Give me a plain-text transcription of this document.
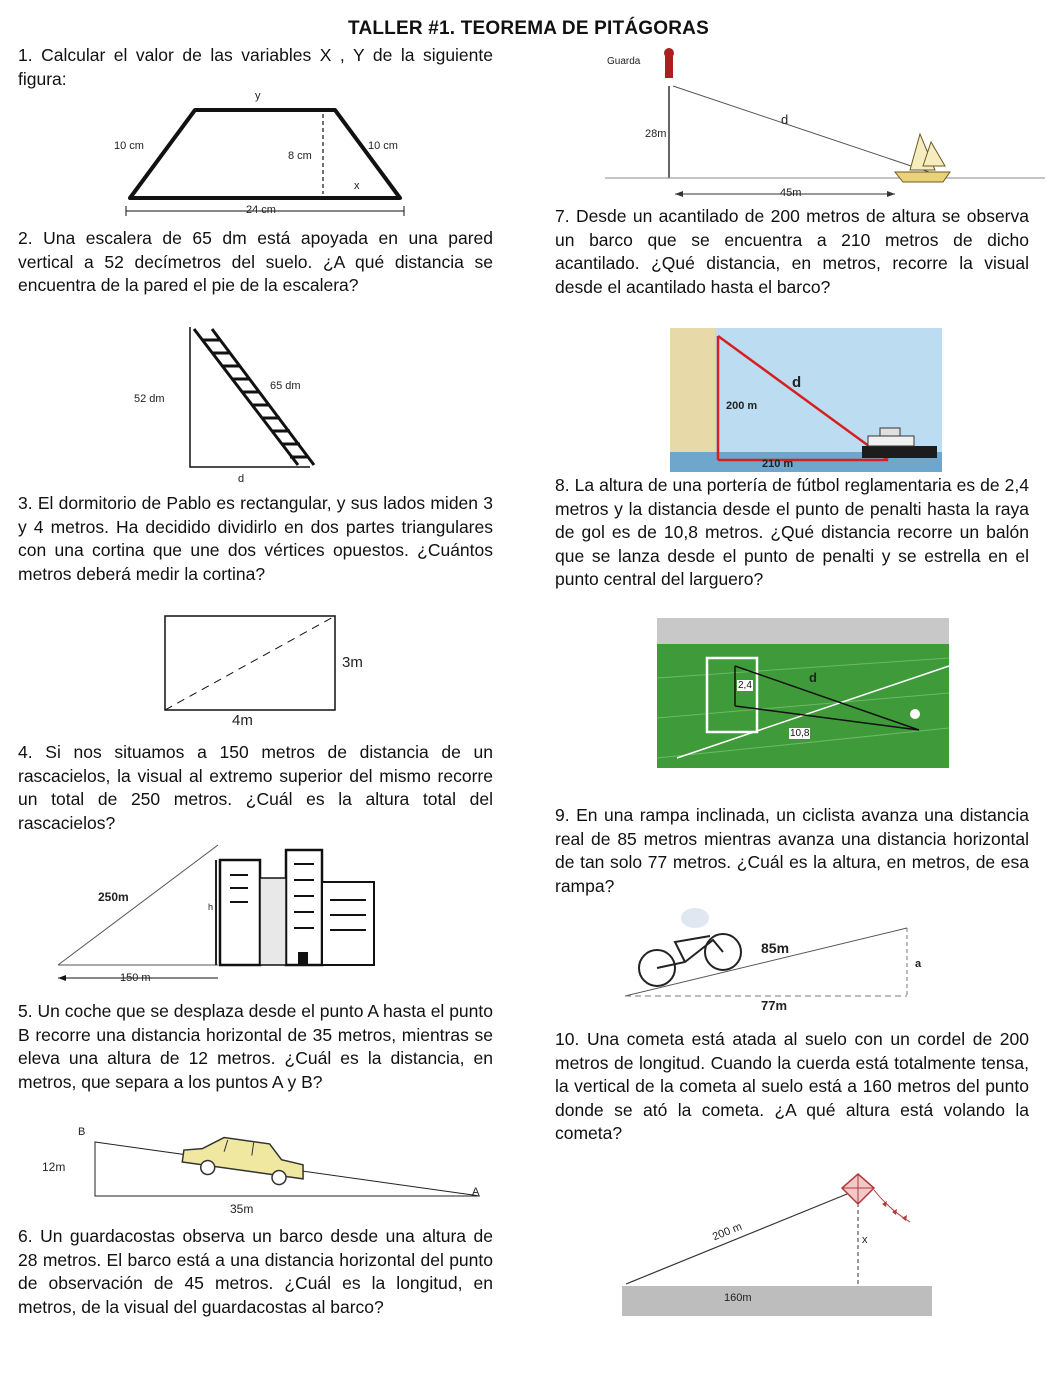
TALLER #1. TEOREMA DE PITÁGORAS

1. Calcular el valor de las variables X , Y de la siguiente figura:

y
10 cm	10 cm
8 cm
x
24 cm

2. Una escalera de 65 dm está apoyada en una pared vertical a 52 decímetros del suelo. ¿A qué distancia se encuentra de la pared el pie de la escalera?

52 dm
65 dm
d

3. El dormitorio de Pablo es rectangular, y sus lados miden 3 y 4 metros. Ha decidido dividirlo en dos partes triangulares con una cortina que une dos vértices opuestos. ¿Cuántos metros deberá medir la cortina?

3m
4m

4. Si nos situamos a 150 metros de distancia de un rascacielos, la visual al extremo superior del mismo recorre un total de 250 metros. ¿Cuál es la altura total del rascacielos?

250m
h
150 m

5. Un coche que se desplaza desde el punto A hasta el punto B recorre una distancia horizontal de 35 metros, mientras se eleva una altura de 12 metros. ¿Cuál es la distancia, en metros, que separa a los puntos A y B?

B
12m
A
35m

6. Un guardacostas observa un barco desde una altura de 28 metros. El barco está a una distancia horizontal del punto de observación de 45 metros. ¿Cuál es la longitud, en metros, de la visual del guardacostas al barco?

Guarda
28m
d
45m

7. Desde un acantilado de 200 metros de altura se observa un barco que se encuentra a 210 metros de dicho acantilado. ¿Qué distancia, en metros, recorre la visual desde el acantilado hasta el barco?

d
200 m
210 m

8. La altura de una portería de fútbol reglamentaria es de 2,4 metros y la distancia desde el punto de penalti hasta la raya de gol es de 10,8 metros. ¿Qué distancia recorre un balón que se lanza desde el punto de penalti y se estrella en el punto central del larguero?

2,4
d
10,8

9. En una rampa inclinada, un ciclista avanza una distancia real de 85 metros mientras avanza una distancia horizontal de tan solo 77 metros. ¿Cuál es la altura, en metros, de esa rampa?

85m
a
77m

10. Una cometa está atada al suelo con un cordel de 200 metros de longitud. Cuando la cuerda está totalmente tensa, la vertical de la cometa al suelo está a 160 metros del punto donde se ató la cometa. ¿A qué altura está volando la cometa?

200 m	x
160m
